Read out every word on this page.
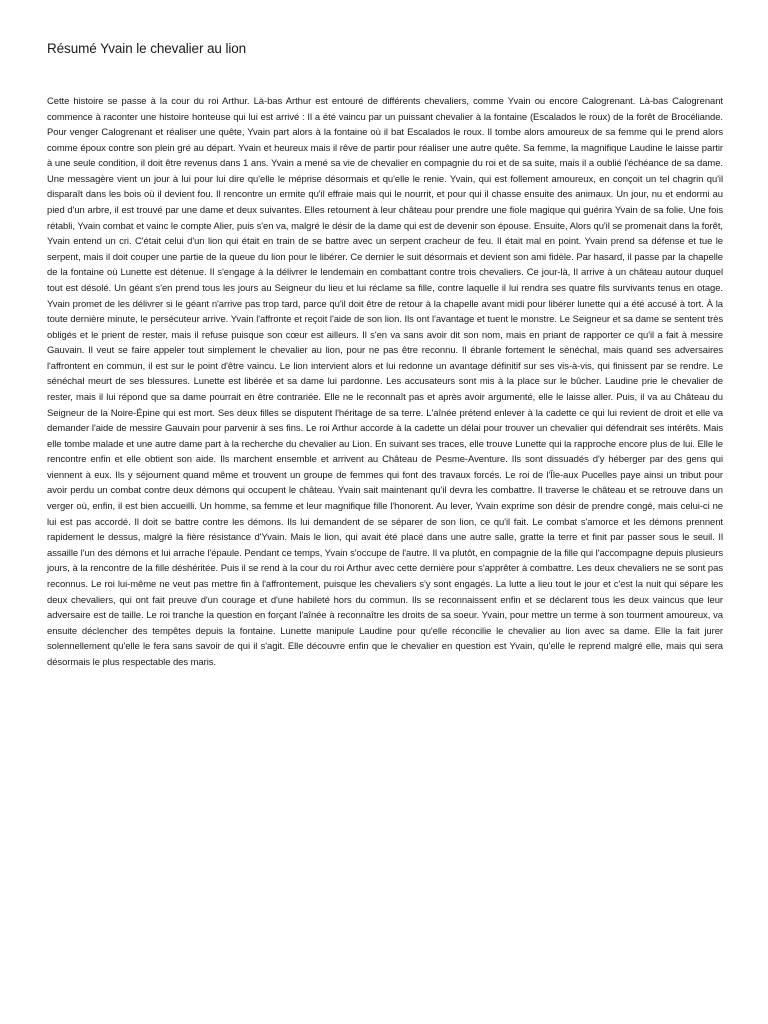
Résumé Yvain le chevalier au lion

Cette histoire se passe à la cour du roi Arthur. Là-bas Arthur est entouré de différents chevaliers, comme Yvain ou encore Calogrenant. Là-bas Calogrenant commence à raconter une histoire honteuse qui lui est arrivé : Il a été vaincu par un puissant chevalier à la fontaine (Escalados le roux) de la forêt de Brocéliande. Pour venger Calogrenant et réaliser une quête, Yvain part alors à la fontaine où il bat Escalados le roux. Il tombe alors amoureux de sa femme qui le prend alors comme époux contre son plein gré au départ. Yvain et heureux mais il rêve de partir pour réaliser une autre quête. Sa femme, la magnifique Laudine le laisse partir à une seule condition, il doit être revenus dans 1 ans. Yvain a mené sa vie de chevalier en compagnie du roi et de sa suite, mais il a oublié l'échéance de sa dame. Une messagère vient un jour à lui pour lui dire qu'elle le méprise désormais et qu'elle le renie. Yvain, qui est follement amoureux, en conçoit un tel chagrin qu'il disparaît dans les bois où il devient fou. Il rencontre un ermite qu'il effraie mais qui le nourrit, et pour qui il chasse ensuite des animaux. Un jour, nu et endormi au pied d'un arbre, il est trouvé par une dame et deux suivantes. Elles retournent à leur château pour prendre une fiole magique qui guérira Yvain de sa folie. Une fois rétabli, Yvain combat et vainc le compte Alier, puis s'en va, malgré le désir de la dame qui est de devenir son épouse. Ensuite, Alors qu'il se promenait dans la forêt, Yvain entend un cri. C'était celui d'un lion qui était en train de se battre avec un serpent cracheur de feu. Il était mal en point. Yvain prend sa défense et tue le serpent, mais il doit couper une partie de la queue du lion pour le libérer. Ce dernier le suit désormais et devient son ami fidèle. Par hasard, il passe par la chapelle de la fontaine où Lunette est détenue. Il s'engage à la délivrer le lendemain en combattant contre trois chevaliers. Ce jour-là, Il arrive à un château autour duquel tout est désolé. Un géant s'en prend tous les jours au Seigneur du lieu et lui réclame sa fille, contre laquelle il lui rendra ses quatre fils survivants tenus en otage. Yvain promet de les délivrer si le géant n'arrive pas trop tard, parce qu'il doit être de retour à la chapelle avant midi pour libérer lunette qui a été accusé à tort. À la toute dernière minute, le persécuteur arrive. Yvain l'affronte et reçoit l'aide de son lion. Ils ont l'avantage et tuent le monstre. Le Seigneur et sa dame se sentent très obligés et le prient de rester, mais il refuse puisque son cœur est ailleurs. Il s'en va sans avoir dit son nom, mais en priant de rapporter ce qu'il a fait à messire Gauvain. Il veut se faire appeler tout simplement le chevalier au lion, pour ne pas être reconnu. Il ébranle fortement le sénéchal, mais quand ses adversaires l'affrontent en commun, il est sur le point d'être vaincu. Le lion intervient alors et lui redonne un avantage définitif sur ses vis-à-vis, qui finissent par se rendre. Le sénéchal meurt de ses blessures. Lunette est libérée et sa dame lui pardonne. Les accusateurs sont mis à la place sur le bûcher. Laudine prie le chevalier de rester, mais il lui répond que sa dame pourrait en être contrariée. Elle ne le reconnaît pas et après avoir argumenté, elle le laisse aller. Puis, il va au Château du Seigneur de la Noire-Épine qui est mort. Ses deux filles se disputent l'héritage de sa terre. L'aînée prétend enlever à la cadette ce qui lui revient de droit et elle va demander l'aide de messire Gauvain pour parvenir à ses fins. Le roi Arthur accorde à la cadette un délai pour trouver un chevalier qui défendrait ses intérêts. Mais elle tombe malade et une autre dame part à la recherche du chevalier au Lion. En suivant ses traces, elle trouve Lunette qui la rapproche encore plus de lui. Elle le rencontre enfin et elle obtient son aide. Ils marchent ensemble et arrivent au Château de Pesme-Aventure. Ils sont dissuadés d'y héberger par des gens qui viennent à eux. Ils y séjournent quand même et trouvent un groupe de femmes qui font des travaux forcés. Le roi de l'Île-aux Pucelles paye ainsi un tribut pour avoir perdu un combat contre deux démons qui occupent le château. Yvain sait maintenant qu'il devra les combattre. Il traverse le château et se retrouve dans un verger où, enfin, il est bien accueilli. Un homme, sa femme et leur magnifique fille l'honorent. Au lever, Yvain exprime son désir de prendre congé, mais celui-ci ne lui est pas accordé. Il doit se battre contre les démons. Ils lui demandent de se séparer de son lion, ce qu'il fait. Le combat s'amorce et les démons prennent rapidement le dessus, malgré la fière résistance d'Yvain. Mais le lion, qui avait été placé dans une autre salle, gratte la terre et finit par passer sous le seuil. Il assaille l'un des démons et lui arrache l'épaule. Pendant ce temps, Yvain s'occupe de l'autre. Il va plutôt, en compagnie de la fille qui l'accompagne depuis plusieurs jours, à la rencontre de la fille déshéritée. Puis il se rend à la cour du roi Arthur avec cette dernière pour s'apprêter à combattre. Les deux chevaliers ne se sont pas reconnus. Le roi lui-même ne veut pas mettre fin à l'affrontement, puisque les chevaliers s'y sont engagés. La lutte a lieu tout le jour et c'est la nuit qui sépare les deux chevaliers, qui ont fait preuve d'un courage et d'une habileté hors du commun. Ils se reconnaissent enfin et se déclarent tous les deux vaincus que leur adversaire est de taille. Le roi tranche la question en forçant l'aînée à reconnaître les droits de sa soeur. Yvain, pour mettre un terme à son tourment amoureux, va ensuite déclencher des tempêtes depuis la fontaine. Lunette manipule Laudine pour qu'elle réconcilie le chevalier au lion avec sa dame. Elle la fait jurer solennellement qu'elle le fera sans savoir de qui il s'agit. Elle découvre enfin que le chevalier en question est Yvain, qu'elle le reprend malgré elle, mais qui sera désormais le plus respectable des maris.
